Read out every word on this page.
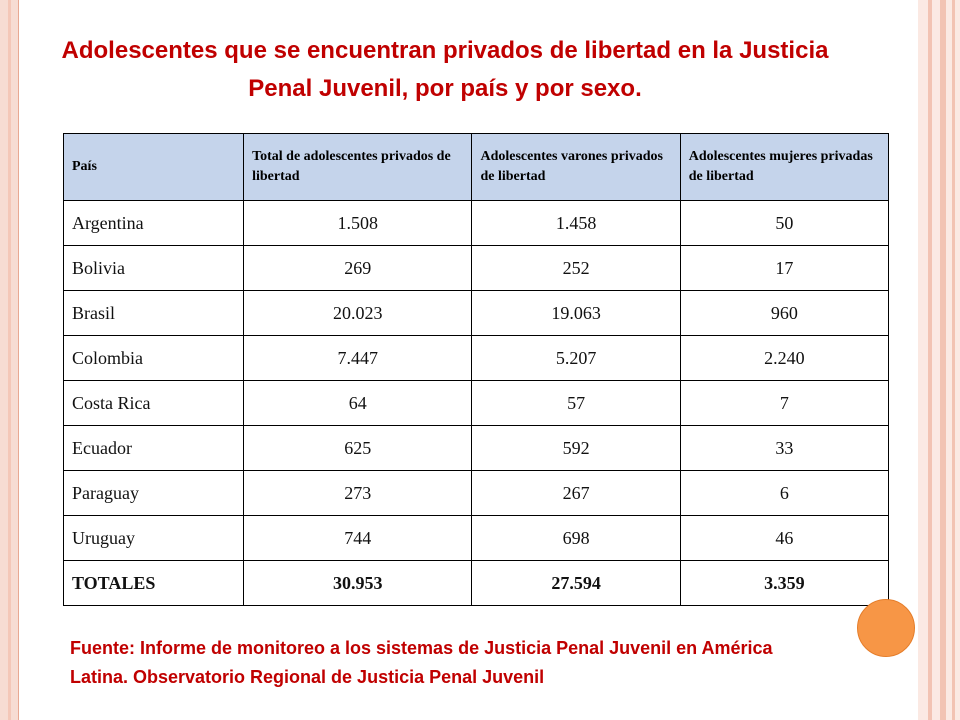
Adolescentes que se encuentran privados de libertad en la Justicia Penal Juvenil, por país y por sexo.
País	Total de adolescentes privados de libertad	Adolescentes varones privados de libertad	Adolescentes mujeres privadas de libertad
Argentina	1.508	1.458	50
Bolivia	269	252	17
Brasil	20.023	19.063	960
Colombia	7.447	5.207	2.240
Costa Rica	64	57	7
Ecuador	625	592	33
Paraguay	273	267	6
Uruguay	744	698	46
TOTALES	30.953	27.594	3.359
Fuente: Informe de monitoreo a los sistemas de Justicia Penal Juvenil en América Latina. Observatorio Regional de Justicia Penal Juvenil
